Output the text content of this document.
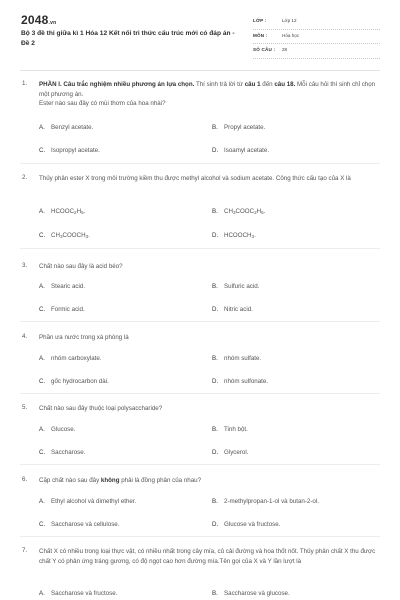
2048.vn
Bộ 3 đề thi giữa kì 1 Hóa 12 Kết nối tri thức cấu trúc mới có đáp án - Đề 2
LỚP :	Lớp 12
MÔN :	Hóa học
SỐ CÂU : 28
1. PHẦN I. Câu trắc nghiệm nhiều phương án lựa chọn. Thí sinh trả lời từ câu 1 đến câu 18. Mỗi câu hỏi thí sinh chỉ chọn một phương án.
Ester nào sau đây có mùi thơm của hoa nhài?
A. Benzyl acetate.	B. Propyl acetate.
C. Isopropyl acetate.	D. Isoamyl acetate.
2. Thủy phân ester X trong môi trường kiềm thu được methyl alcohol và sodium acetate. Công thức cấu tạo của X là
A. $HCOOC_2H_5$.	B. $CH_3COOC_2H_5$.
C. $CH_3COOCH_3$.	D. $HCOOCH_3$.
3. Chất nào sau đây là acid béo?
A. Stearic acid.	B. Sulfuric acid.
C. Formic acid.	D. Nitric acid.
4. Phần ưa nước trong xà phòng là
A. nhóm carboxylate.	B. nhóm sulfate.
C. gốc hydrocarbon dài.	D. nhóm sulfonate.
5. Chất nào sau đây thuộc loại polysaccharide?
A. Glucose.	B. Tinh bột.
C. Saccharose.	D. Glycerol.
6. Cặp chất nào sau đây không phải là đồng phân của nhau?
A. Ethyl alcohol và dimethyl ether.	B. 2-methylpropan-1-ol và butan-2-ol.
C. Saccharose và cellulose.	D. Glucose và fructose.
7. Chất X có nhiều trong loại thực vật, có nhiều nhất trong cây mía, củ cải đường và hoa thốt nốt. Thủy phân chất X thu được chất Y có phản ứng tráng gương, có độ ngọt cao hơn đường mía.Tên gọi của X và Y lần lượt là
A. Saccharose và fructose.	B. Saccharose và glucose.
